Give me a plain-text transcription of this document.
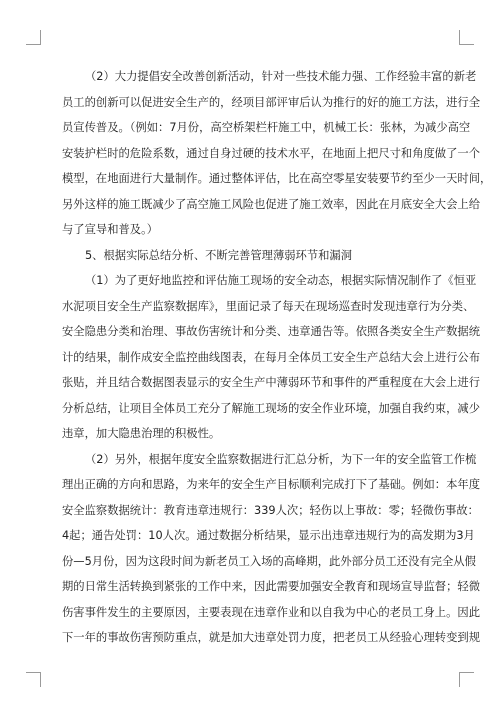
（2）大力提倡安全改善创新活动，针对一些技术能力强、工作经验丰富的新老
员工的创新可以促进安全生产的，经项目部评审后认为推行的好的施工方法，进行全
员宣传普及。（例如：7月份，高空桥架栏杆施工中，机械工长：张林，为减少高空
安装护栏时的危险系数，通过自身过硬的技术水平，在地面上把尺寸和角度做了一个
模型，在地面进行大量制作。通过整体评估，比在高空零星安装要节约至少一天时间，
另外这样的施工既减少了高空施工风险也促进了施工效率，因此在月底安全大会上给
与了宣导和普及。）
5、根据实际总结分析、不断完善管理薄弱环节和漏洞
（1）为了更好地监控和评估施工现场的安全动态，根据实际情况制作了《恒亚
水泥项目安全生产监察数据库》，里面记录了每天在现场巡查时发现违章行为分类、
安全隐患分类和治理、事故伤害统计和分类、违章通告等。依照各类安全生产数据统
计的结果，制作成安全监控曲线图表，在每月全体员工安全生产总结大会上进行公布
张贴，并且结合数据图表显示的安全生产中薄弱环节和事件的严重程度在大会上进行
分析总结，让项目全体员工充分了解施工现场的安全作业环境，加强自我约束，减少
违章，加大隐患治理的积极性。
（2）另外，根据年度安全监察数据进行汇总分析，为下一年的安全监管工作梳
理出正确的方向和思路，为来年的安全生产目标顺利完成打下了基础。例如：本年度
安全监察数据统计：教育违章违规行：339人次；轻伤以上事故：零；轻微伤事故：
4起；通告处罚：10人次。通过数据分析结果，显示出违章违规行为的高发期为3月
份—5月份，因为这段时间为新老员工入场的高峰期，此外部分员工还没有完全从假
期的日常生活转换到紧张的工作中来，因此需要加强安全教育和现场宣导监督；轻微
伤害事件发生的主要原因，主要表现在违章作业和以自我为中心的老员工身上。因此
下一年的事故伤害预防重点，就是加大违章处罚力度，把老员工从经验心理转变到规
